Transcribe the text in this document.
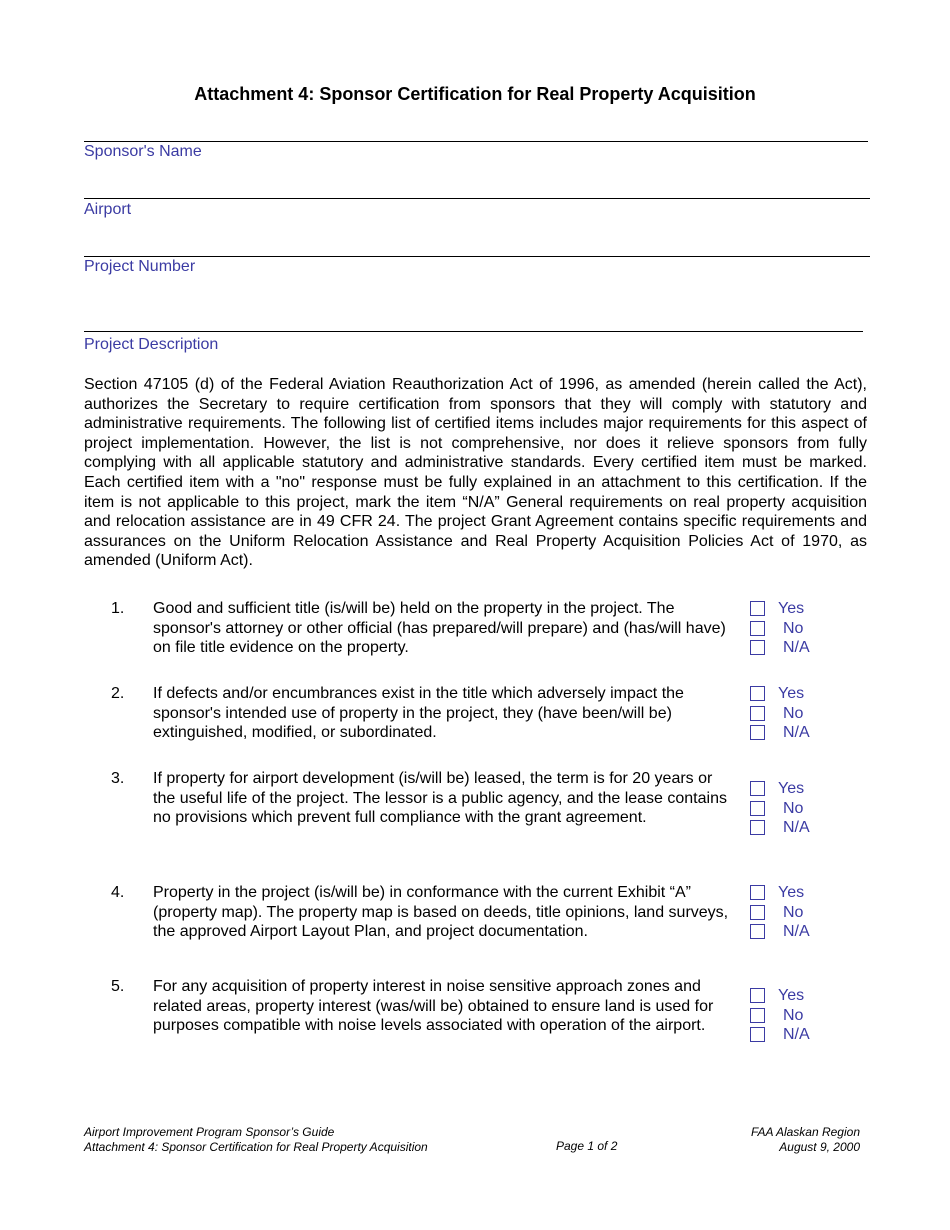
Attachment 4: Sponsor Certification for Real Property Acquisition
Sponsor's Name
Airport
Project Number
Project Description
Section 47105 (d) of the Federal Aviation Reauthorization Act of 1996, as amended (herein called the Act), authorizes the Secretary to require certification from sponsors that they will comply with statutory and administrative requirements. The following list of certified items includes major requirements for this aspect of project implementation. However, the list is not comprehensive, nor does it relieve sponsors from fully complying with all applicable statutory and administrative standards. Every certified item must be marked. Each certified item with a "no" response must be fully explained in an attachment to this certification. If the item is not applicable to this project, mark the item “N/A” General requirements on real property acquisition and relocation assistance are in 49 CFR 24. The project Grant Agreement contains specific requirements and assurances on the Uniform Relocation Assistance and Real Property Acquisition Policies Act of 1970, as amended (Uniform Act).
1. Good and sufficient title (is/will be) held on the property in the project. The sponsor's attorney or other official (has prepared/will prepare) and (has/will have) on file title evidence on the property.
Yes
No
N/A
2. If defects and/or encumbrances exist in the title which adversely impact the sponsor's intended use of property in the project, they (have been/will be) extinguished, modified, or subordinated.
Yes
No
N/A
3. If property for airport development (is/will be) leased, the term is for 20 years or the useful life of the project. The lessor is a public agency, and the lease contains no provisions which prevent full compliance with the grant agreement.
Yes
No
N/A
4. Property in the project (is/will be) in conformance with the current Exhibit “A” (property map). The property map is based on deeds, title opinions, land surveys, the approved Airport Layout Plan, and project documentation.
Yes
No
N/A
5. For any acquisition of property interest in noise sensitive approach zones and related areas, property interest (was/will be) obtained to ensure land is used for purposes compatible with noise levels associated with operation of the airport.
Yes
No
N/A
Airport Improvement Program Sponsor’s Guide
Attachment 4: Sponsor Certification for Real Property Acquisition	Page 1 of 2
FAA Alaskan Region
August 9, 2000
